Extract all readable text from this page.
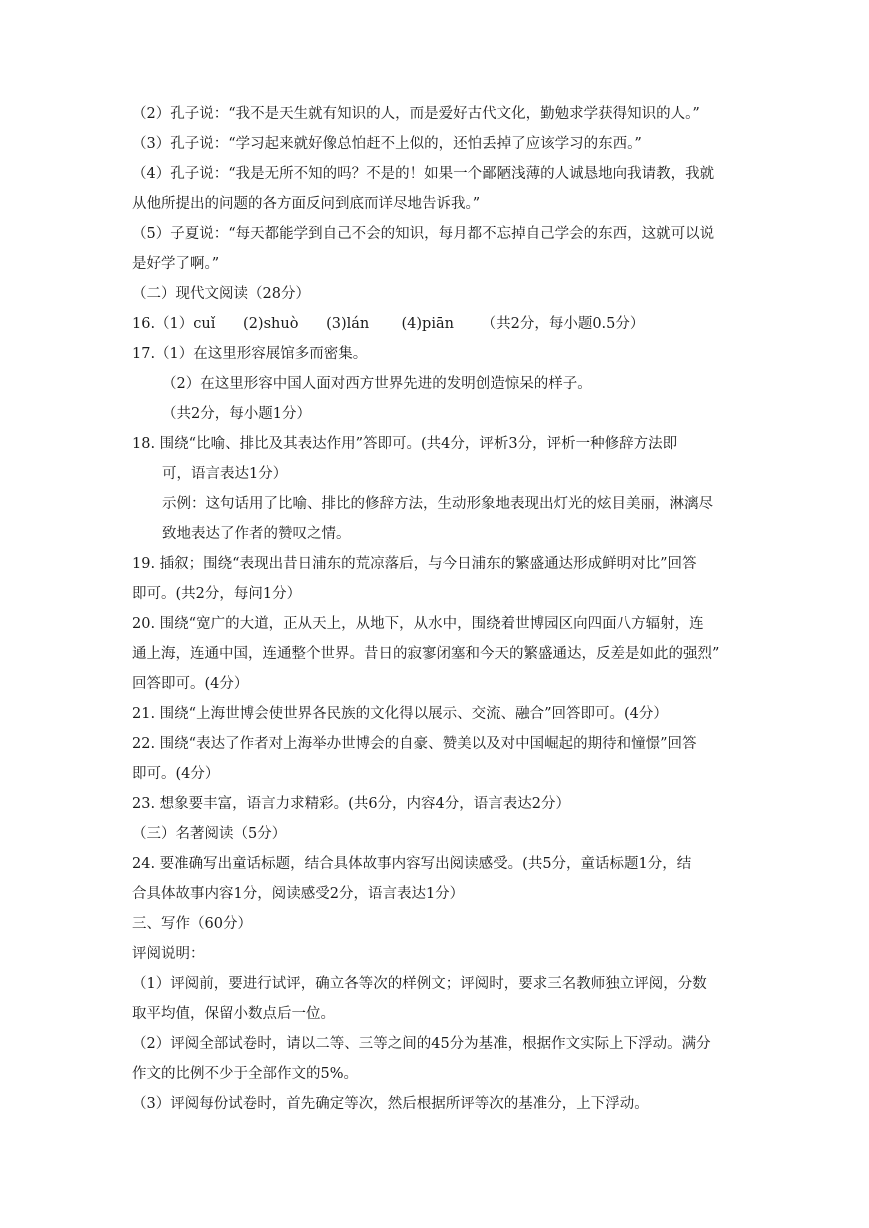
（2）孔子说：“我不是天生就有知识的人，而是爱好古代文化，勤勉求学获得知识的人。”
（3）孔子说：“学习起来就好像总怕赶不上似的，还怕丢掉了应该学习的东西。”
（4）孔子说：“我是无所不知的吗？不是的！如果一个鄙陋浅薄的人诚恳地向我请教，我就
从他所提出的问题的各方面反问到底而详尽地告诉我。”
（5）子夏说：“每天都能学到自己不会的知识，每月都不忘掉自己学会的东西，这就可以说
是好学了啊。”
（二）现代文阅读（28分）
16.（1）cuǐ      (2)shuò      (3)lán       (4)piān      （共2分，每小题0.5分）
17.（1）在这里形容展馆多而密集。
（2）在这里形容中国人面对西方世界先进的发明创造惊呆的样子。
（共2分，每小题1分）
18. 围绕“比喻、排比及其表达作用”答即可。(共4分，评析3分，评析一种修辞方法即
可，语言表达1分）
示例：这句话用了比喻、排比的修辞方法，生动形象地表现出灯光的炫目美丽，淋漓尽
致地表达了作者的赞叹之情。
19. 插叙；围绕“表现出昔日浦东的荒凉落后，与今日浦东的繁盛通达形成鲜明对比”回答
即可。(共2分，每问1分）
20. 围绕“宽广的大道，正从天上，从地下，从水中，围绕着世博园区向四面八方辐射，连
通上海，连通中国，连通整个世界。昔日的寂寥闭塞和今天的繁盛通达，反差是如此的强烈”
回答即可。(4分）
21. 围绕“上海世博会使世界各民族的文化得以展示、交流、融合”回答即可。(4分）
22. 围绕“表达了作者对上海举办世博会的自豪、赞美以及对中国崛起的期待和憧憬”回答
即可。(4分）
23. 想象要丰富，语言力求精彩。(共6分，内容4分，语言表达2分）
（三）名著阅读（5分）
24. 要准确写出童话标题，结合具体故事内容写出阅读感受。(共5分，童话标题1分，结
合具体故事内容1分，阅读感受2分，语言表达1分）
三、写作（60分）
评阅说明：
（1）评阅前，要进行试评，确立各等次的样例文；评阅时，要求三名教师独立评阅，分数
取平均值，保留小数点后一位。
（2）评阅全部试卷时，请以二等、三等之间的45分为基准，根据作文实际上下浮动。满分
作文的比例不少于全部作文的5%。
（3）评阅每份试卷时，首先确定等次，然后根据所评等次的基准分，上下浮动。
